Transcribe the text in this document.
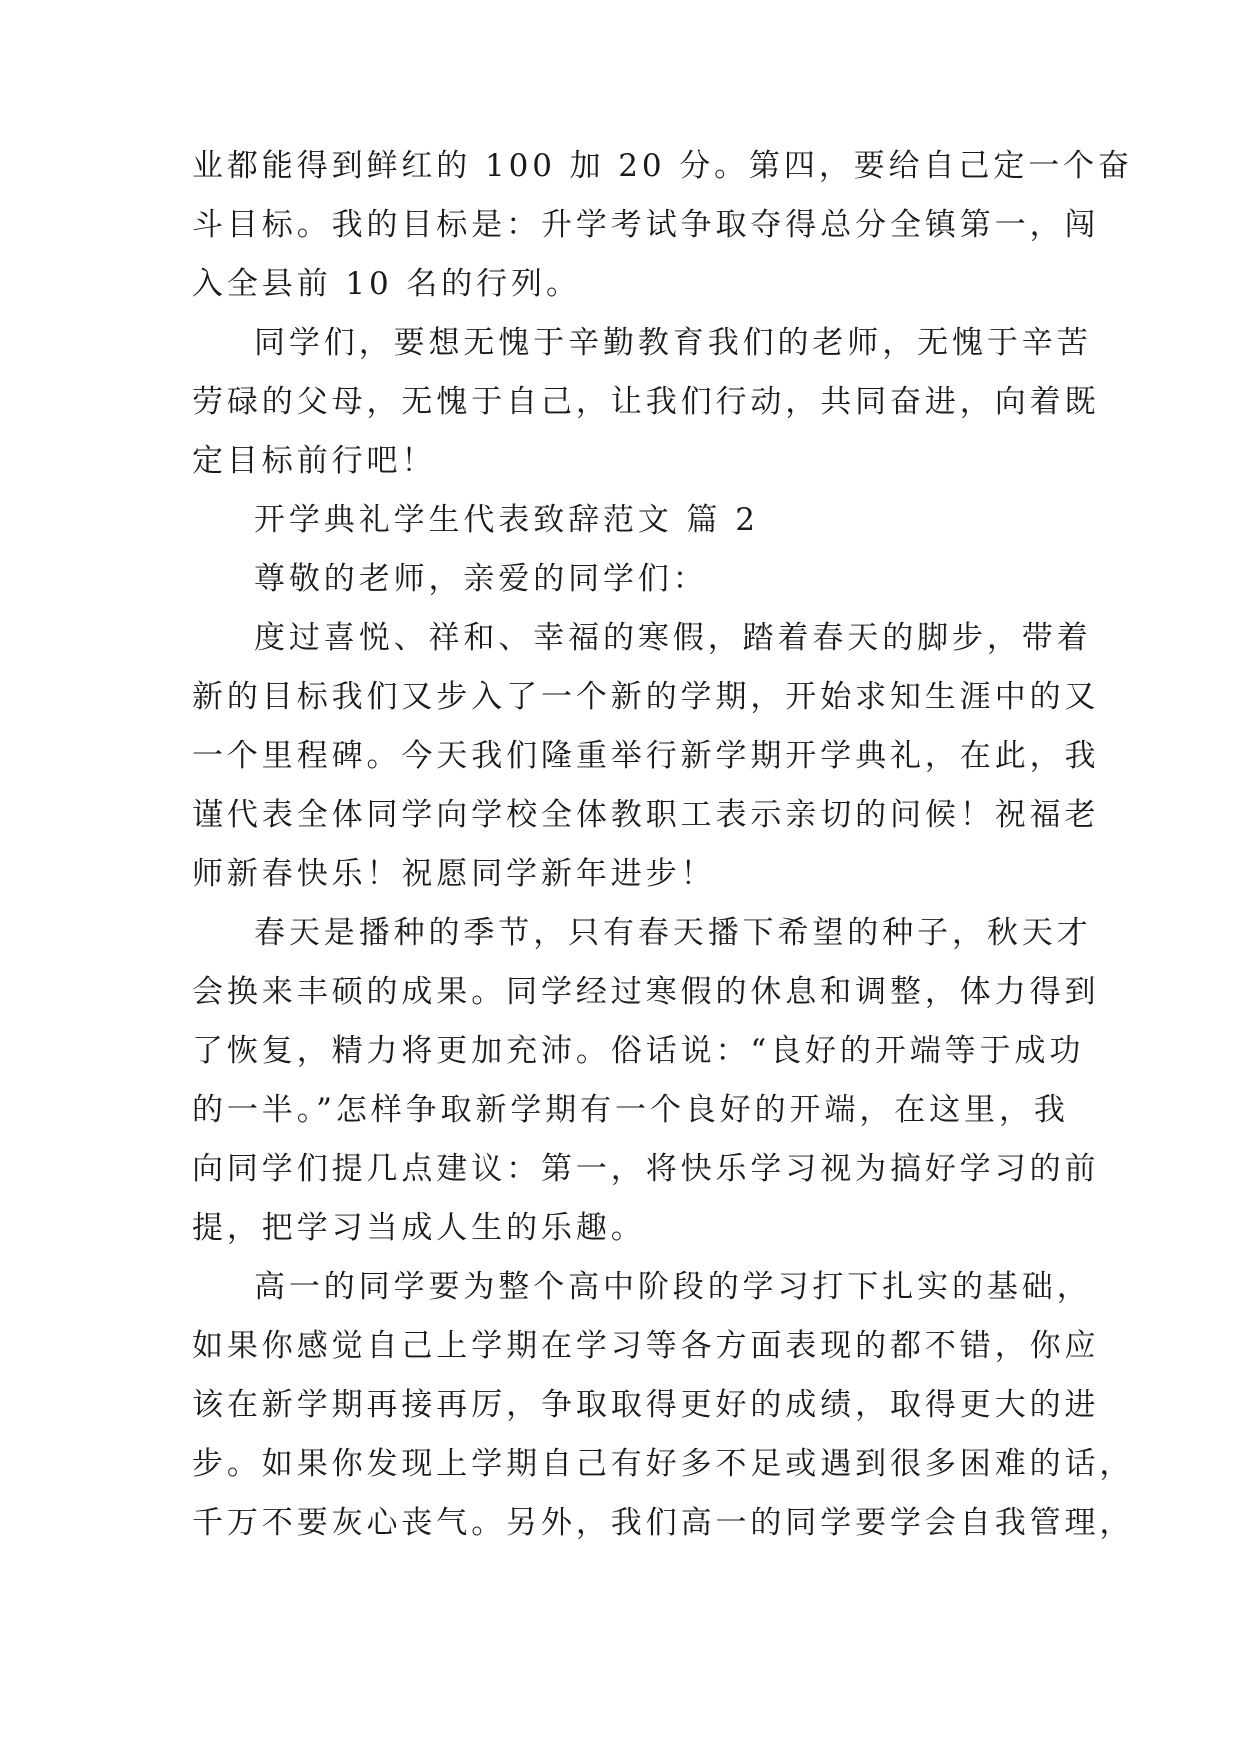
业都能得到鲜红的 100 加 20 分。第四，要给自己定一个奋
斗目标。我的目标是：升学考试争取夺得总分全镇第一，闯
入全县前 10 名的行列。
同学们，要想无愧于辛勤教育我们的老师，无愧于辛苦
劳碌的父母，无愧于自己，让我们行动，共同奋进，向着既
定目标前行吧！
开学典礼学生代表致辞范文 篇 2
尊敬的老师，亲爱的同学们：
度过喜悦、祥和、幸福的寒假，踏着春天的脚步，带着
新的目标我们又步入了一个新的学期，开始求知生涯中的又
一个里程碑。今天我们隆重举行新学期开学典礼，在此，我
谨代表全体同学向学校全体教职工表示亲切的问候！祝福老
师新春快乐！祝愿同学新年进步！
春天是播种的季节，只有春天播下希望的种子，秋天才
会换来丰硕的成果。同学经过寒假的休息和调整，体力得到
了恢复，精力将更加充沛。俗话说：“良好的开端等于成功
的一半。”怎样争取新学期有一个良好的开端，在这里，我
向同学们提几点建议：第一，将快乐学习视为搞好学习的前
提，把学习当成人生的乐趣。
高一的同学要为整个高中阶段的学习打下扎实的基础，
如果你感觉自己上学期在学习等各方面表现的都不错，你应
该在新学期再接再厉，争取取得更好的成绩，取得更大的进
步。如果你发现上学期自己有好多不足或遇到很多困难的话，
千万不要灰心丧气。另外，我们高一的同学要学会自我管理，
